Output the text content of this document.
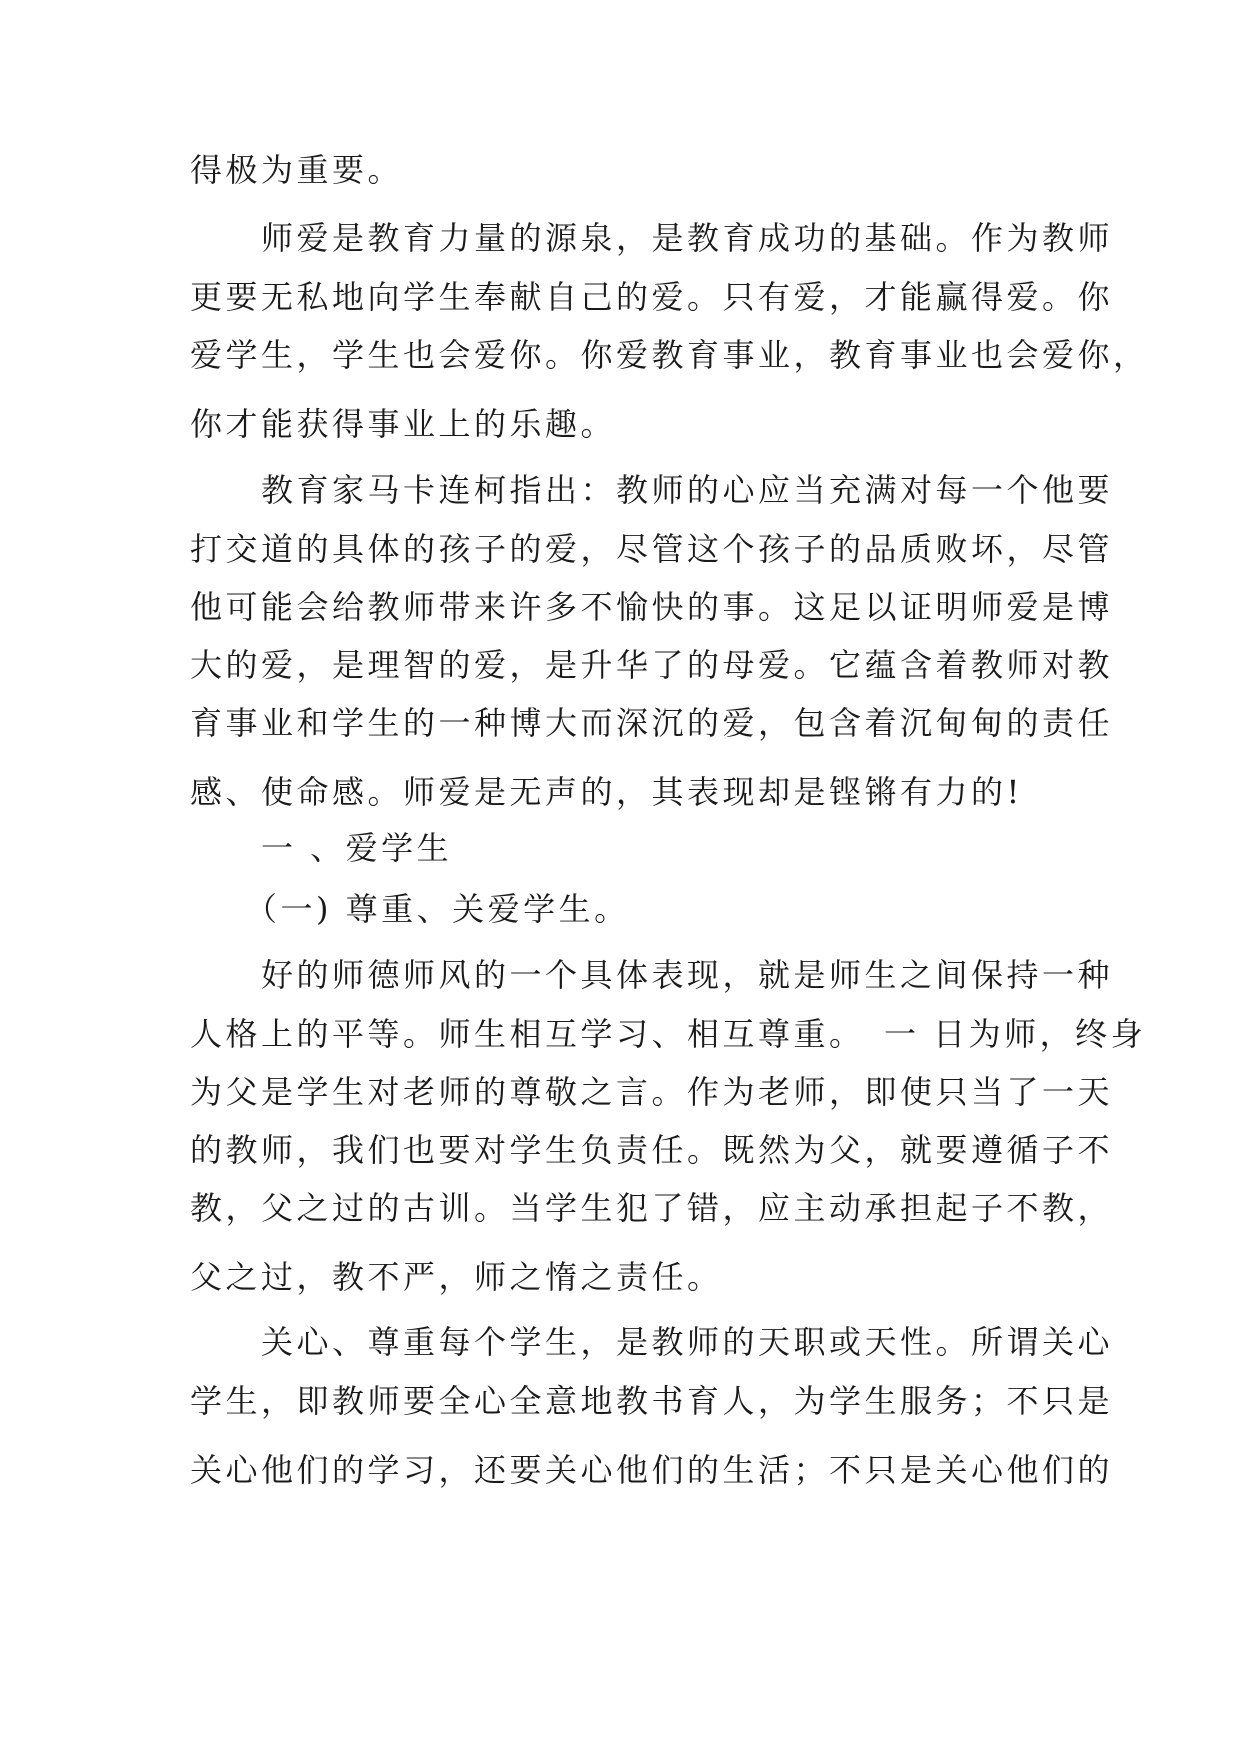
得极为重要。

　　师爱是教育力量的源泉，是教育成功的基础。作为教师

更要无私地向学生奉献自己的爱。只有爱，才能赢得爱。你

爱学生，学生也会爱你。你爱教育事业，教育事业也会爱你，

你才能获得事业上的乐趣。

　　教育家马卡连柯指出：教师的心应当充满对每一个他要

打交道的具体的孩子的爱，尽管这个孩子的品质败坏，尽管

他可能会给教师带来许多不愉快的事。这足以证明师爱是博

大的爱，是理智的爱，是升华了的母爱。它蕴含着教师对教

育事业和学生的一种博大而深沉的爱，包含着沉甸甸的责任

感、使命感。师爱是无声的，其表现却是铿锵有力的!

　　一 、爱学生

　　（一) 尊重、关爱学生。

　　好的师德师风的一个具体表现，就是师生之间保持一种

人格上的平等。师生相互学习、相互尊重。　一 日为师，终身

为父是学生对老师的尊敬之言。作为老师，即使只当了一天

的教师，我们也要对学生负责任。既然为父，就要遵循子不

教，父之过的古训。当学生犯了错，应主动承担起子不教，

父之过，教不严，师之惰之责任。

　　关心、尊重每个学生，是教师的天职或天性。所谓关心

学生，即教师要全心全意地教书育人，为学生服务；不只是

关心他们的学习，还要关心他们的生活；不只是关心他们的
